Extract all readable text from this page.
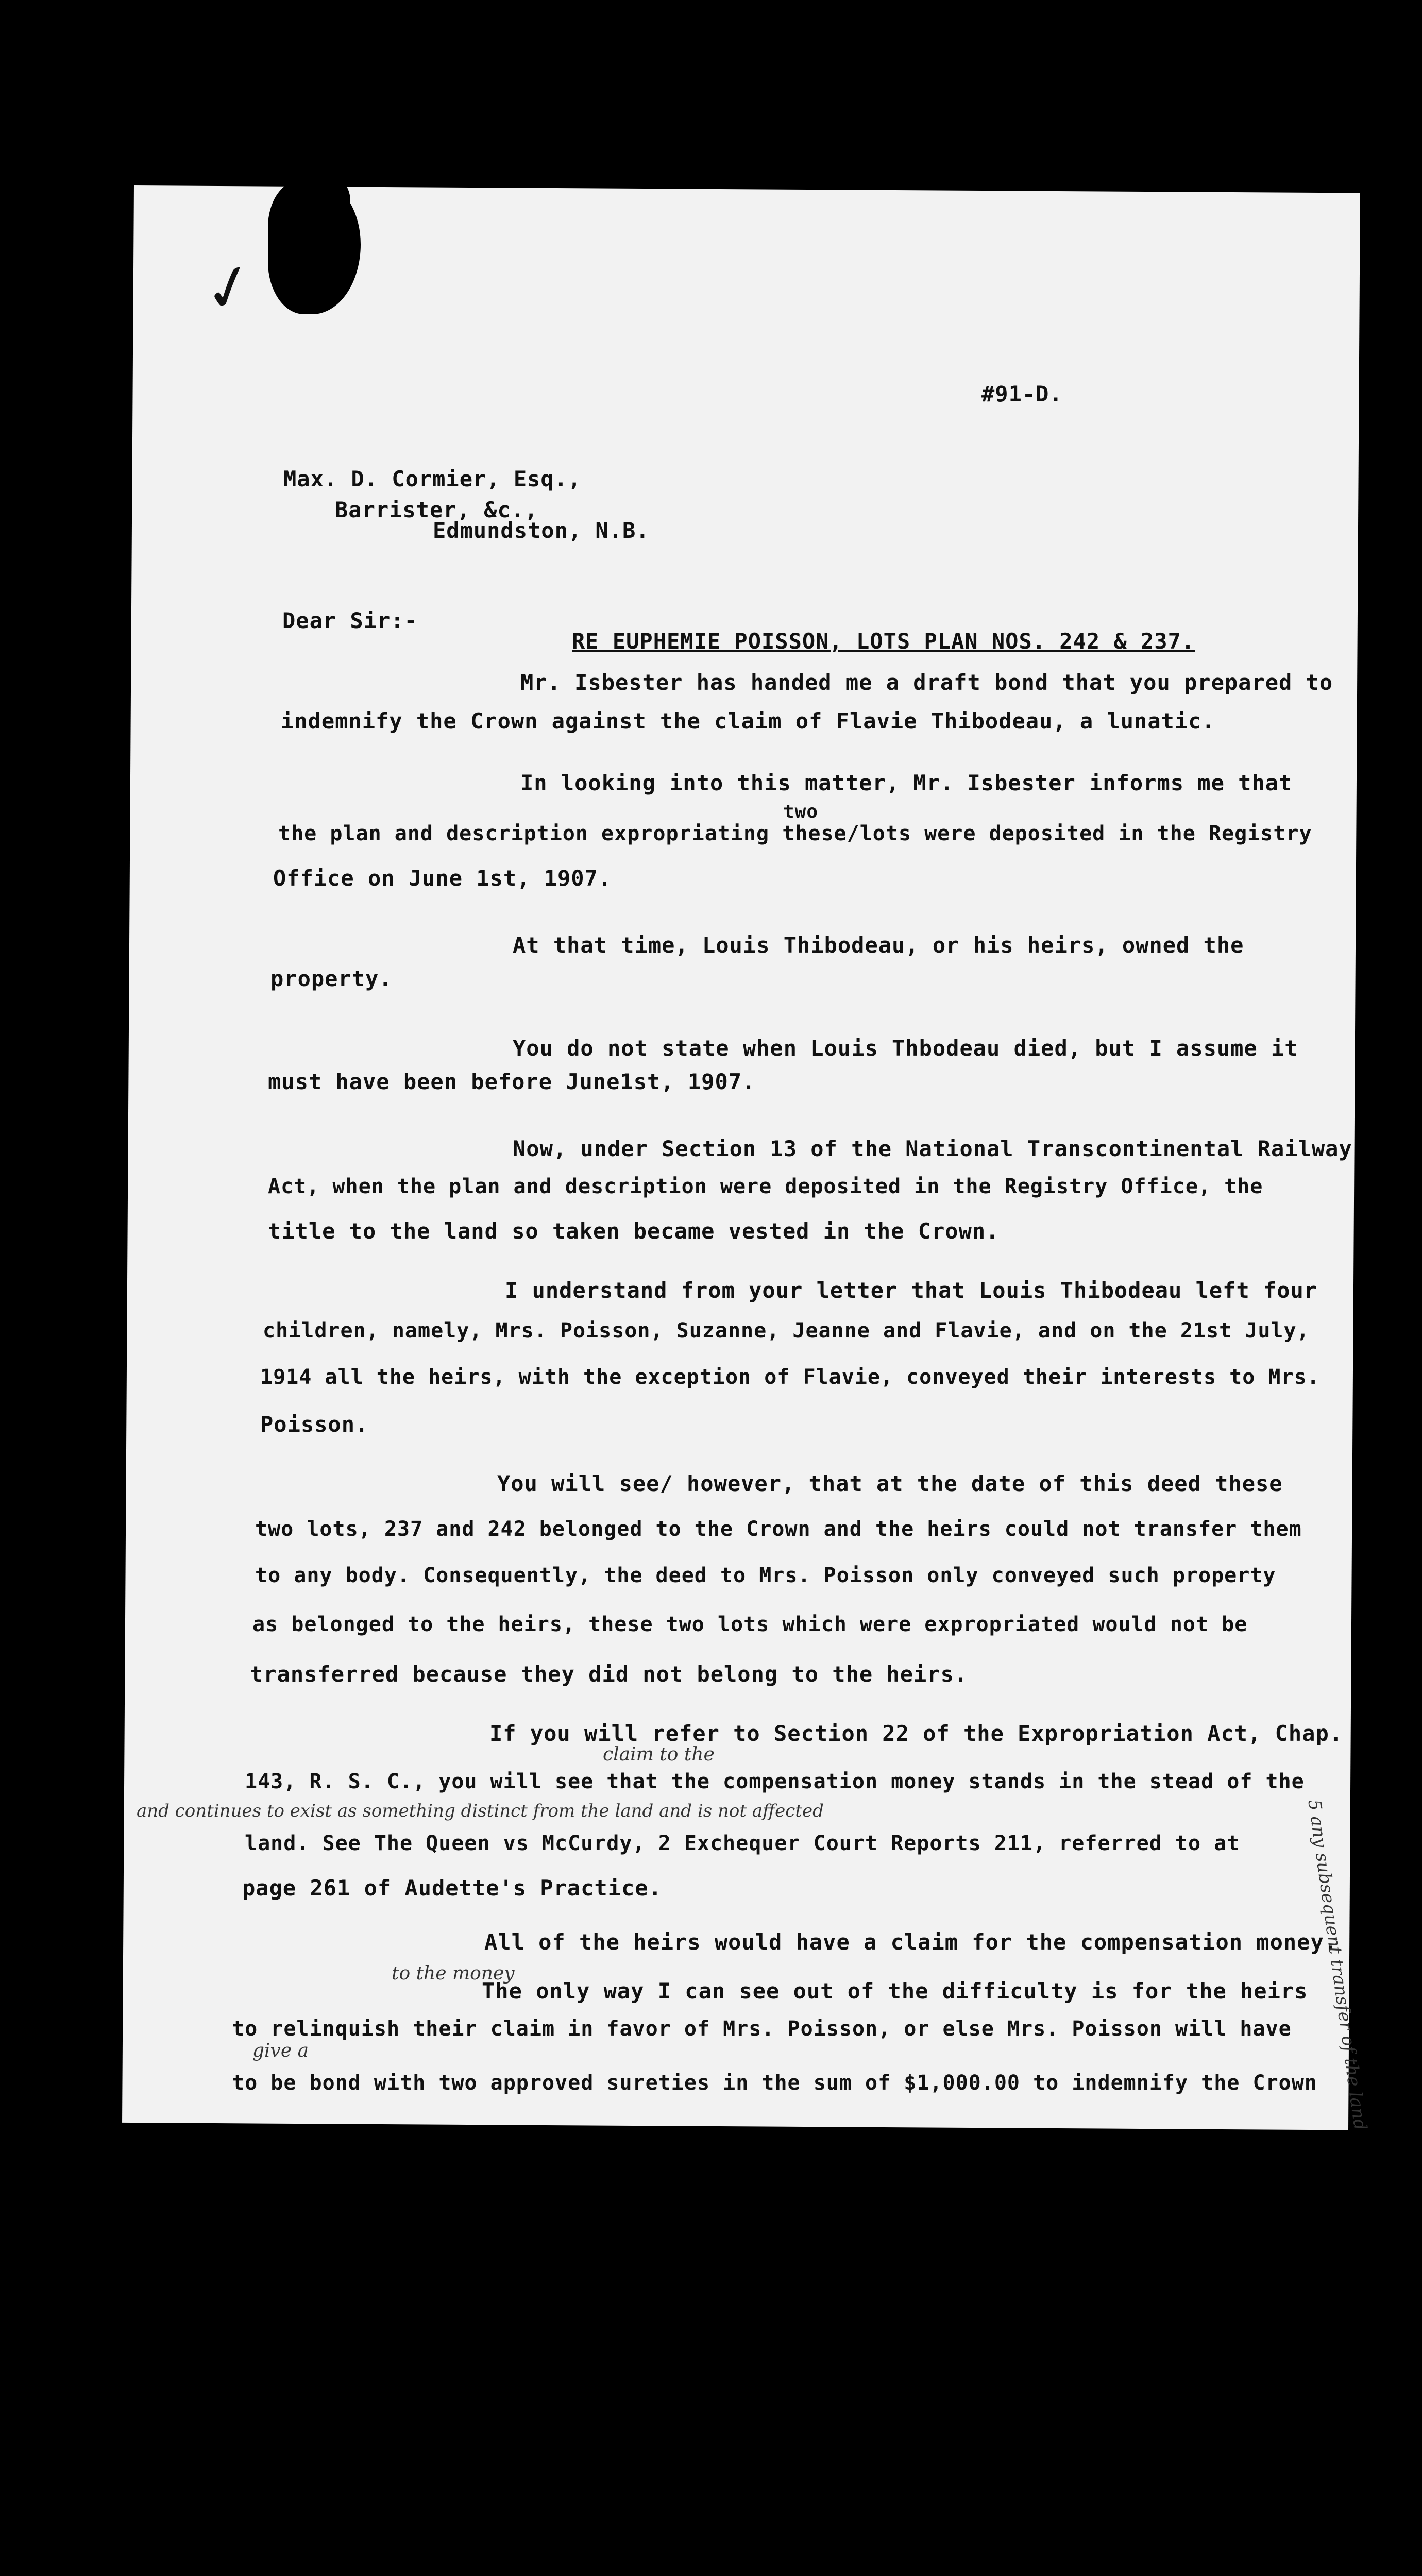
✓
#91-D.
Max. D. Cormier, Esq.,
Barrister, &c.,
Edmundston, N.B.
Dear Sir:-
RE EUPHEMIE POISSON, LOTS PLAN NOS. 242 & 237.
Mr. Isbester has handed me a draft bond that you prepared to
indemnify the Crown against the claim of Flavie Thibodeau, a lunatic.
In looking into this matter, Mr. Isbester informs me that
two
the plan and description expropriating these/lots were deposited in the Registry
Office on June 1st, 1907.
At that time, Louis Thibodeau, or his heirs, owned the
property.
You do not state when Louis Thbodeau died, but I assume it
must have been before June1st, 1907.
Now, under Section 13 of the National Transcontinental Railway
Act, when the plan and description were deposited in the Registry Office, the
title to the land so taken became vested in the Crown.
I understand from your letter that Louis Thibodeau left four
children, namely, Mrs. Poisson, Suzanne, Jeanne and Flavie, and on the 21st July,
1914 all the heirs, with the exception of Flavie, conveyed their interests to Mrs.
Poisson.
You will see/ however, that at the date of this deed these
two lots, 237 and 242 belonged to the Crown and the heirs could not transfer them
to any body. Consequently, the deed to Mrs. Poisson only conveyed such property
as belonged to the heirs, these two lots which were expropriated would not be
transferred because they did not belong to the heirs.
If you will refer to Section 22 of the Expropriation Act, Chap.
claim to the
143, R. S. C., you will see that the compensation money stands in the stead of the
and continues to exist as something distinct from the land and is not affected
land. See The Queen vs McCurdy, 2 Exchequer Court Reports 211, referred to at
page 261 of Audette's Practice.
All of the heirs would have a claim for the compensation money.
The only way I can see out of the difficulty is for the heirs
to the money
to relinquish their claim in favor of Mrs. Poisson, or else Mrs. Poisson will have
give a
to be bond with two approved sureties in the sum of $1,000.00 to indemnify the Crown
5 any subsequent transfer of the land
